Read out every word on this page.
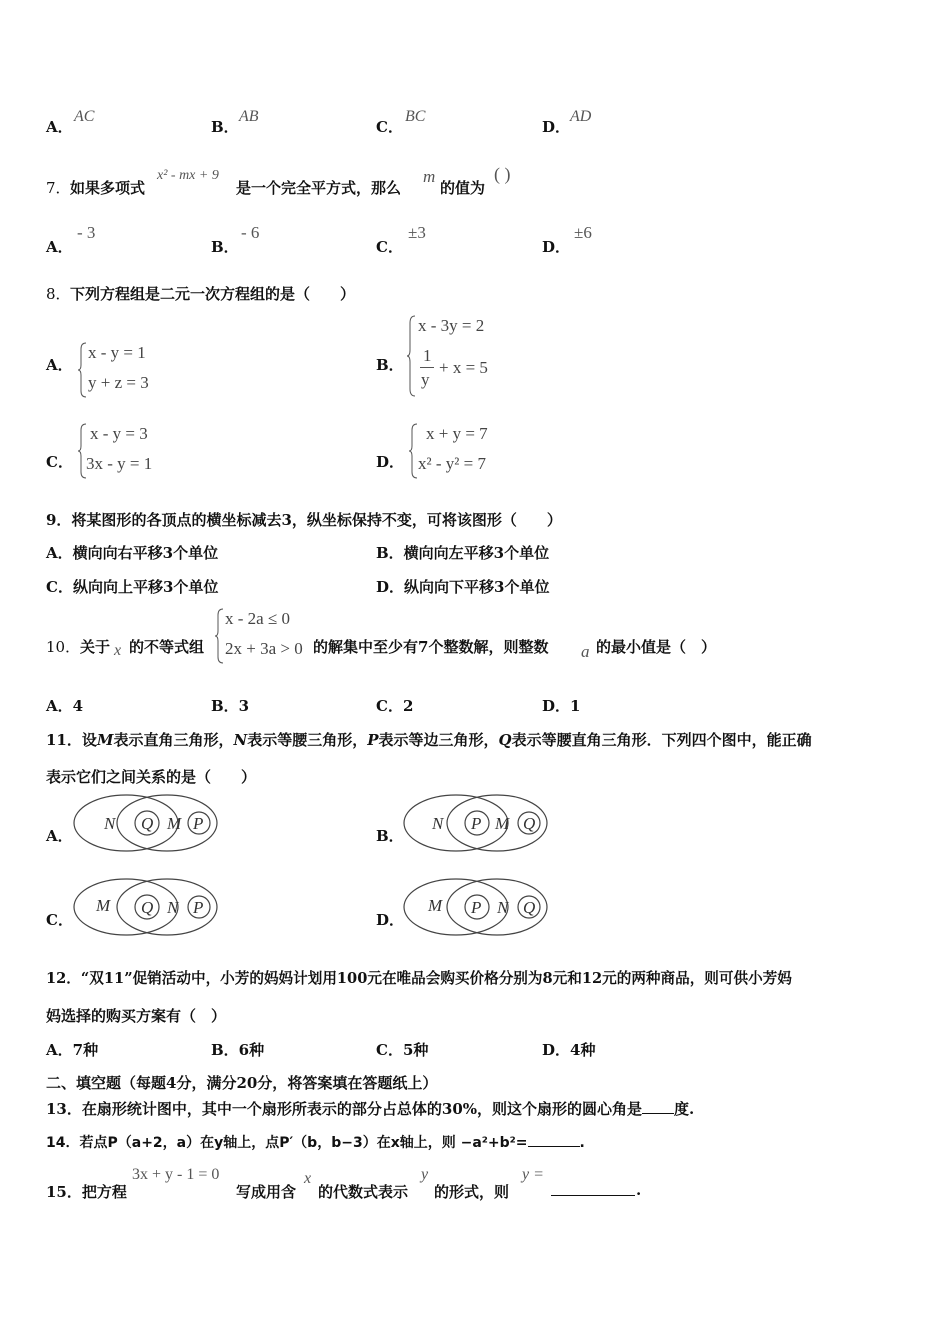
A．
AC
B．
AB
C．
BC
D．
AD
7． 如果多项式
x² - mx + 9
是一个完全平方式，那么
m
的值为
( )
A．
- 3
B．
- 6
C．
±3
D．
±6
8． 下列方程组是二元一次方程组的是（　　）
A．
x - y = 1
y + z = 3
B．
x - 3y = 2
1
y
+ x = 5
C．
x - y = 3
3x - y = 1	D．
x + y = 7
x² - y² = 7
9．将某图形的各顶点的横坐标减去3，纵坐标保持不变，可将该图形（　　）
A．横向向右平移3个单位	B．横向向左平移3个单位
C．纵向向上平移3个单位	D．纵向向下平移3个单位
10． 关于 x 的不等式组
x - 2a ≤ 0
2x + 3a > 0 的解集中至少有7个整数解，则整数 a 的最小值是（　）
A．4	B．3	C．2	D．1
11．设M表示直角三角形，N表示等腰三角形，P表示等边三角形，Q表示等腰直角三角形．下列四个图中，能正确
表示它们之间关系的是（　　）
A．
N Q M P
B．
N P M Q
C．
M Q N P
D．
M P N Q
12．“双11”促销活动中，小芳的妈妈计划用100元在唯品会购买价格分别为8元和12元的两种商品，则可供小芳妈
妈选择的购买方案有（　）
A．7种	B．6种	C．5种	D．4种
二、填空题（每题4分，满分20分，将答案填在答题纸上）
13．在扇形统计图中，其中一个扇形所表示的部分占总体的30%，则这个扇形的圆心角是 度.
14．若点P（a+2，a）在y轴上，点P′（b，b−3）在x轴上，则 −a²+b²=	.
15．把方程
3x + y - 1 = 0
写成用含
x
的代数式表示
y
的形式，则
y =
.
